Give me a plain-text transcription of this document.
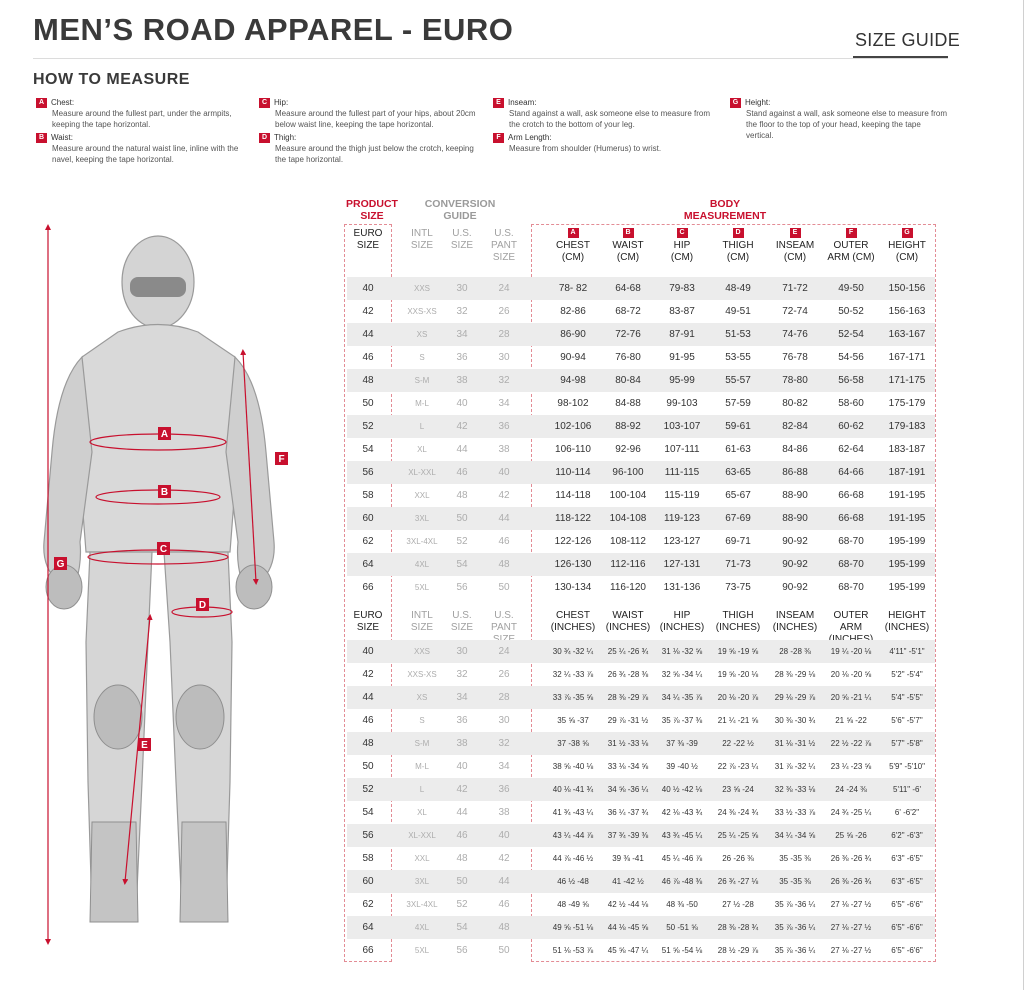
MEN’S ROAD APPAREL - EURO	SIZE GUIDE
HOW TO MEASURE
A Chest:
Measure around the fullest part, under the armpits, keeping the tape horizontal.
B Waist:
Measure around the natural waist line, inline with the navel, keeping the tape horizontal.
C Hip:
Measure around the fullest part of your hips, about 20cm below waist line, keeping the tape horizontal.
D Thigh:
Measure around the thigh just below the crotch, keeping the tape horizontal.
E Inseam:
Stand against a wall, ask someone else to measure from the crotch to the bottom of your leg.
F Arm Length:
Measure from shoulder (Humerus) to wrist.
G Height:
Stand against a wall, ask someone else to measure from the floor to the top of your head, keeping the tape vertical.
A
B
C
D
E
F
G
PRODUCT
SIZE
CONVERSION
GUIDE
BODY
MEASUREMENT
EURO
SIZE
INTL
SIZE
U.S.
SIZE
U.S.
PANT SIZE
A
CHEST
(CM)
B
WAIST
(CM)
C
HIP
(CM)
D
THIGH
(CM)
E
INSEAM
(CM)
F
OUTER
ARM (CM)
G
HEIGHT
(CM)
40	XXS	30	24	78- 82	64-68	79-83	48-49	71-72	49-50	150-156
42	XXS-XS	32	26	82-86	68-72	83-87	49-51	72-74	50-52	156-163
44	XS	34	28	86-90	72-76	87-91	51-53	74-76	52-54	163-167
46	S	36	30	90-94	76-80	91-95	53-55	76-78	54-56	167-171
48	S-M	38	32	94-98	80-84	95-99	55-57	78-80	56-58	171-175
50	M-L	40	34	98-102	84-88	99-103	57-59	80-82	58-60	175-179
52	L	42	36	102-106	88-92	103-107	59-61	82-84	60-62	179-183
54	XL	44	38	106-110	92-96	107-111	61-63	84-86	62-64	183-187
56	XL-XXL	46	40	110-114	96-100	111-115	63-65	86-88	64-66	187-191
58	XXL	48	42	114-118	100-104	115-119	65-67	88-90	66-68	191-195
60	3XL	50	44	118-122	104-108	119-123	67-69	88-90	66-68	191-195
62	3XL-4XL	52	46	122-126	108-112	123-127	69-71	90-92	68-70	195-199
64	4XL	54	48	126-130	112-116	127-131	71-73	90-92	68-70	195-199
66	5XL	56	50	130-134	116-120	131-136	73-75	90-92	68-70	195-199
EURO
SIZE
INTL
SIZE
U.S.
SIZE
U.S.
PANT
CHEST
(INCHES)
WAIST
(INCHES)
HIP
(INCHES)
THIGH
(INCHES)
INSEAM
(INCHES)
OUTER ARM

HEIGHT
(INCHES)
40	XXS	30	24	30 ¾ -32 ¼	25 ¼ -26 ¾	31 ⅛ -32 ⅝	19 ⅝ -19 ⅝	28 -28 ⅜	19 ¼ -20 ⅛	4'11" -5'1"
42	XXS-XS	32	26	32 ¼ -33 ⅞	26 ¾ -28 ⅜	32 ⅝ -34 ¼	19 ⅝ -20 ⅛	28 ⅜ -29 ⅛	20 ⅛ -20 ⅝	5'2" -5'4"
44	XS	34	28	33 ⅞ -35 ⅝	28 ⅜ -29 ⅞	34 ¼ -35 ⅞	20 ⅛ -20 ⅞	29 ⅛ -29 ⅞	20 ⅝ -21 ¼	5'4" -5'5"
46	S	36	30	35 ⅝ -37	29 ⅞ -31 ½	35 ⅞ -37 ⅜	21 ¼ -21 ⅝	30 ⅜ -30 ¾	21 ⅝ -22	5'6" -5'7"
48	S-M	38	32	37 -38 ⅝	31 ½ -33 ⅛	37 ⅜ -39	22 -22 ½	31 ⅛ -31 ½	22 ½ -22 ⅞	5'7" -5'8"
50	M-L	40	34	38 ⅝ -40 ⅛	33 ⅛ -34 ⅝	39 -40 ½	22 ⅞ -23 ¼	31 ⅞ -32 ¼	23 ¼ -23 ⅝	5'9" -5'10"
52	L	42	36	40 ⅛ -41 ¾	34 ⅝ -36 ¼	40 ½ -42 ⅛	23 ⅝ -24	32 ⅜ -33 ⅛	24 -24 ⅜	5'11" -6'
54	XL	44	38	41 ¾ -43 ¼	36 ¼ -37 ¾	42 ⅛ -43 ¾	24 ⅜ -24 ¾	33 ½ -33 ⅞	24 ¾ -25 ¼	6' -6'2"
56	XL-XXL	46	40	43 ¼ -44 ⅞	37 ¾ -39 ⅜	43 ¾ -45 ¼	25 ¼ -25 ⅝	34 ¼ -34 ⅝	25 ⅝ -26	6'2" -6'3"
58	XXL	48	42	44 ⅞ -46 ½	39 ⅜ -41	45 ¼ -46 ⅞	26 -26 ⅜	35 -35 ⅜	26 ⅜ -26 ¾	6'3" -6'5"
60	3XL	50	44	46 ½ -48	41 -42 ½	46 ⅞ -48 ⅜	26 ¾ -27 ⅛	35 -35 ⅜	26 ⅜ -26 ¾	6'3" -6'5"
62	3XL-4XL	52	46	48 -49 ⅝	42 ½ -44 ⅛	48 ⅜ -50	27 ½ -28	35 ⅞ -36 ¼	27 ⅛ -27 ½	6'5" -6'6"
64	4XL	54	48	49 ⅝ -51 ⅛	44 ⅛ -45 ⅝	50 -51 ⅝	28 ⅜ -28 ¾	35 ⅞ -36 ¼	27 ⅛ -27 ½	6'5" -6'6"
66	5XL	56	50	51 ⅛ -53 ⅞	45 ⅝ -47 ¼	51 ⅝ -54 ⅛	28 ½ -29 ⅞	35 ⅞ -36 ¼	27 ⅛ -27 ½	6'5" -6'6"
